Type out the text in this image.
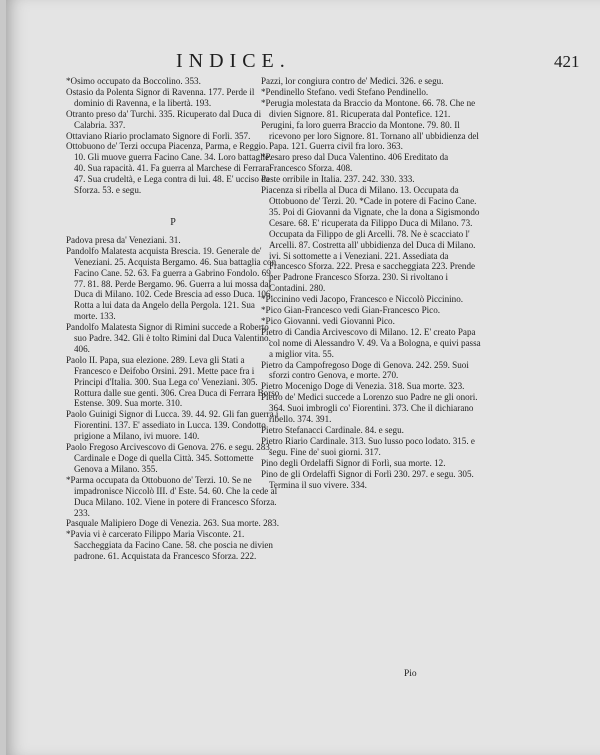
INDICE.	421

*Osimo occupato da Boccolino. 353.

Ostasio da Polenta Signor di Ravenna. 177. Perde il dominio di Ravenna, e la libertà. 193.

Otranto preso da' Turchi. 335. Ricuperato dal Duca di Calabria. 337.

Ottaviano Riario proclamato Signore di Forlì. 357.

Ottobuono de' Terzi occupa Piacenza, Parma, e Reggio. 10. Gli muove guerra Facino Cane. 34. Loro battaglie. 40. Sua rapacità. 41. Fa guerra al Marchese di Ferrara. 47. Sua crudeltà, e Lega contra di lui. 48. E' ucciso da Sforza. 53. e segu.

P

Padova presa da' Veneziani. 31.

Pandolfo Malatesta acquista Brescia. 19. Generale de' Veneziani. 25. Acquista Bergamo. 46. Sua battaglia con Facino Cane. 52. 63. Fa guerra a Gabrino Fondolo. 69. 77. 81. 88. Perde Bergamo. 96. Guerra a lui mossa dal Duca di Milano. 102. Cede Brescia ad esso Duca. 106. Rotta a lui data da Angelo della Pergola. 121. Sua morte. 133.

Pandolfo Malatesta Signor di Rimini succede a Roberto suo Padre. 342. Gli è tolto Rimini dal Duca Valentino. 406.

Paolo II. Papa, sua elezione. 289. Leva gli Stati a Francesco e Deifobo Orsini. 291. Mette pace fra i Principi d'Italia. 300. Sua Lega co' Veneziani. 305. Rottura dalle sue genti. 306. Crea Duca di Ferrara Borso Estense. 309. Sua morte. 310.

Paolo Guinigi Signor di Lucca. 39. 44. 92. Gli fan guerra i Fiorentini. 137. E' assediato in Lucca. 139. Condotto prigione a Milano, ivi muore. 140.

Paolo Fregoso Arcivescovo di Genova. 276. e segu. 283. Cardinale e Doge di quella Città. 345. Sottomette Genova a Milano. 355.

*Parma occupata da Ottobuono de' Terzi. 10. Se ne impadronisce Niccolò III. d' Este. 54. 60. Che la cede al Duca Milano. 102. Viene in potere di Francesco Sforza. 233.

Pasquale Malipiero Doge di Venezia. 263. Sua morte. 283.

*Pavia vi è carcerato Filippo Maria Visconte. 21. Saccheggiata da Facino Cane. 58. che poscia ne divien padrone. 61. Acquistata da Francesco Sforza. 222.

Pazzi, lor congiura contro de' Medici. 326. e segu.

*Pendinello Stefano. vedi Stefano Pendinello.

*Perugia molestata da Braccio da Montone. 66. 78. Che ne divien Signore. 81. Ricuperata dal Pontefice. 121.

Perugini, fa loro guerra Braccio da Montone. 79. 80. Il ricevono per loro Signore. 81. Tornano all' ubbidienza del Papa. 121. Guerra civil fra loro. 363.

*Pesaro preso dal Duca Valentino. 406 Ereditato da Francesco Sforza. 408.

Peste orribile in Italia. 237. 242. 330. 333.

Piacenza si ribella al Duca di Milano. 13. Occupata da Ottobuono de' Terzi. 20. *Cade in potere di Facino Cane. 35. Poi di Giovanni da Vignate, che la dona a Sigismondo Cesare. 68. E' ricuperata da Filippo Duca di Milano. 73. Occupata da Filippo de gli Arcelli. 78. Ne è scacciato l' Arcelli. 87. Costretta all' ubbidienza del Duca di Milano. ivi. Si sottomette a i Veneziani. 221. Assediata da Francesco Sforza. 222. Presa e saccheggiata 223. Prende per Padrone Francesco Sforza. 230. Si rivoltano i Contadini. 280.

*Piccinino vedi Jacopo, Francesco e Niccolò Piccinino.

*Pico Gian-Francesco vedi Gian-Francesco Pico.

*Pico Giovanni. vedi Giovanni Pico.

Pietro di Candia Arcivescovo di Milano. 12. E' creato Papa col nome di Alessandro V. 49. Va a Bologna, e quivi passa a miglior vita. 55.

Pietro da Campofregoso Doge di Genova. 242. 259. Suoi sforzi contro Genova, e morte. 270.

Pietro Mocenigo Doge di Venezia. 318. Sua morte. 323.

Pietro de' Medici succede a Lorenzo suo Padre ne gli onori. 364. Suoi imbrogli co' Fiorentini. 373. Che il dichiarano ribello. 374. 391.

Pietro Stefanacci Cardinale. 84. e segu.

Pietro Riario Cardinale. 313. Suo lusso poco lodato. 315. e segu. Fine de' suoi giorni. 317.

Pino degli Ordelaffi Signor di Forlì, sua morte. 12.

Pino de gli Ordelaffi Signor di Forlì 230. 297. e segu. 305. Termina il suo vivere. 334.

Pio
